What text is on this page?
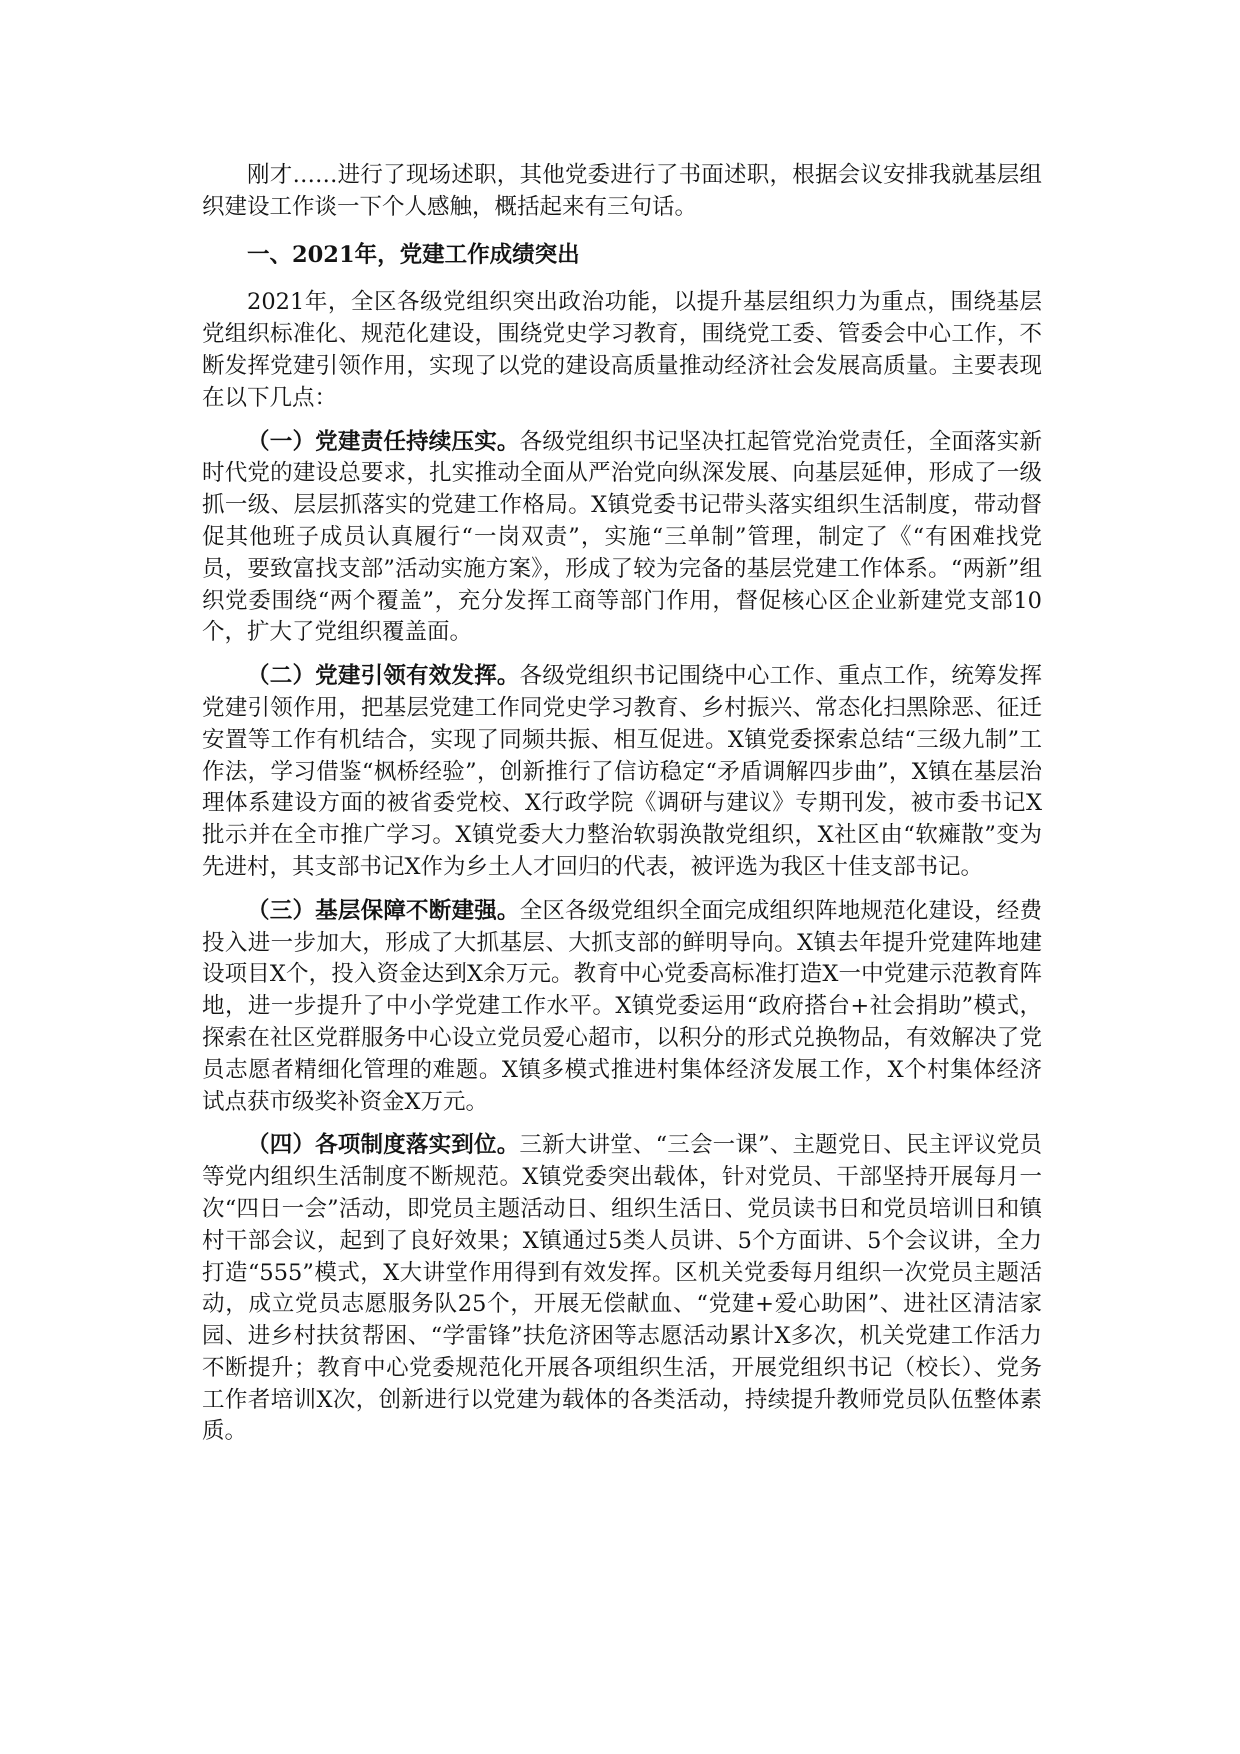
刚才……进行了现场述职，其他党委进行了书面述职，根据会议安排我就基层组织建设工作谈一下个人感触，概括起来有三句话。

一、2021年，党建工作成绩突出

2021年，全区各级党组织突出政治功能，以提升基层组织力为重点，围绕基层党组织标准化、规范化建设，围绕党史学习教育，围绕党工委、管委会中心工作，不断发挥党建引领作用，实现了以党的建设高质量推动经济社会发展高质量。主要表现在以下几点：

（一）党建责任持续压实。各级党组织书记坚决扛起管党治党责任，全面落实新时代党的建设总要求，扎实推动全面从严治党向纵深发展、向基层延伸，形成了一级抓一级、层层抓落实的党建工作格局。X镇党委书记带头落实组织生活制度，带动督促其他班子成员认真履行“一岗双责”，实施“三单制”管理，制定了《“有困难找党员，要致富找支部”活动实施方案》，形成了较为完备的基层党建工作体系。“两新”组织党委围绕“两个覆盖”，充分发挥工商等部门作用，督促核心区企业新建党支部10个，扩大了党组织覆盖面。

（二）党建引领有效发挥。各级党组织书记围绕中心工作、重点工作，统筹发挥党建引领作用，把基层党建工作同党史学习教育、乡村振兴、常态化扫黑除恶、征迁安置等工作有机结合，实现了同频共振、相互促进。X镇党委探索总结“三级九制”工作法，学习借鉴“枫桥经验”，创新推行了信访稳定“矛盾调解四步曲”，X镇在基层治理体系建设方面的被省委党校、X行政学院《调研与建议》专期刊发，被市委书记X批示并在全市推广学习。X镇党委大力整治软弱涣散党组织，X社区由“软瘫散”变为先进村，其支部书记X作为乡土人才回归的代表，被评选为我区十佳支部书记。

（三）基层保障不断建强。全区各级党组织全面完成组织阵地规范化建设，经费投入进一步加大，形成了大抓基层、大抓支部的鲜明导向。X镇去年提升党建阵地建设项目X个，投入资金达到X余万元。教育中心党委高标准打造X一中党建示范教育阵地，进一步提升了中小学党建工作水平。X镇党委运用“政府搭台+社会捐助”模式，探索在社区党群服务中心设立党员爱心超市，以积分的形式兑换物品，有效解决了党员志愿者精细化管理的难题。X镇多模式推进村集体经济发展工作，X个村集体经济试点获市级奖补资金X万元。

（四）各项制度落实到位。三新大讲堂、“三会一课”、主题党日、民主评议党员等党内组织生活制度不断规范。X镇党委突出载体，针对党员、干部坚持开展每月一次“四日一会”活动，即党员主题活动日、组织生活日、党员读书日和党员培训日和镇村干部会议，起到了良好效果；X镇通过5类人员讲、5个方面讲、5个会议讲，全力打造“555”模式，X大讲堂作用得到有效发挥。区机关党委每月组织一次党员主题活动，成立党员志愿服务队25个，开展无偿献血、“党建+爱心助困”、进社区清洁家园、进乡村扶贫帮困、“学雷锋”扶危济困等志愿活动累计X多次，机关党建工作活力不断提升；教育中心党委规范化开展各项组织生活，开展党组织书记（校长）、党务工作者培训X次，创新进行以党建为载体的各类活动，持续提升教师党员队伍整体素质。
